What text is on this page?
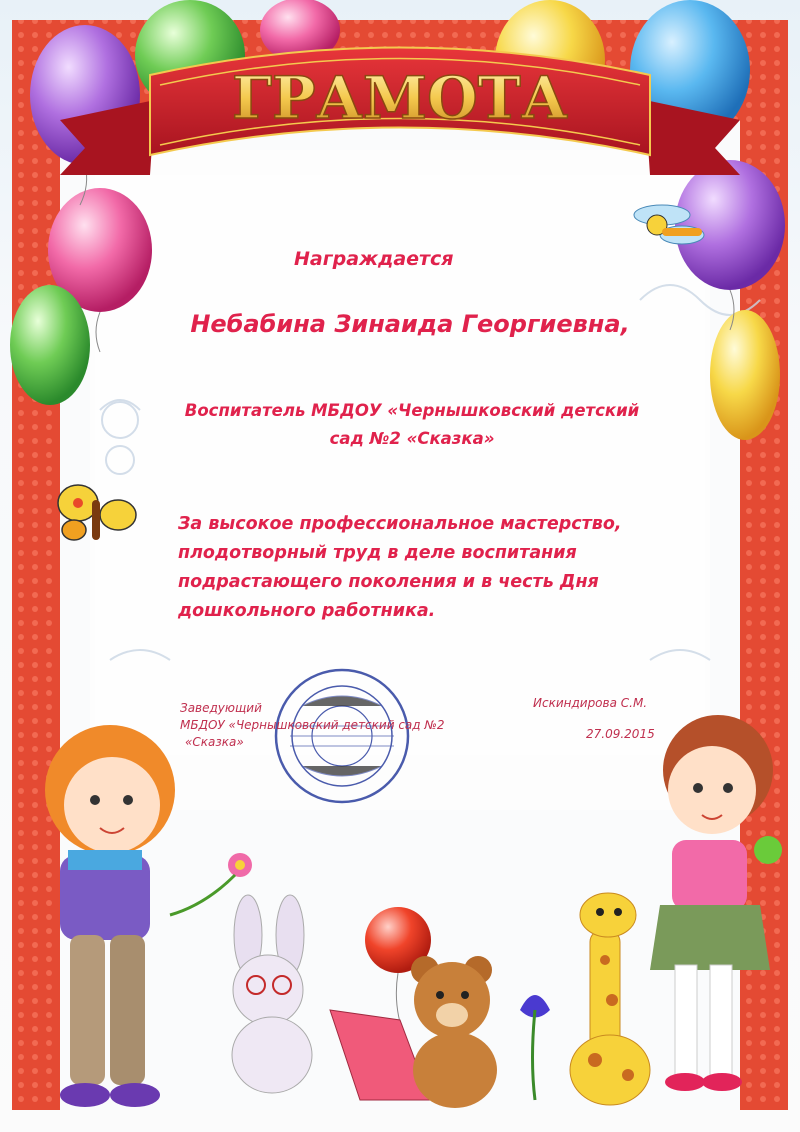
ГРАМОТА
Награждается
Небабина Зинаида Георгиевна,
Воспитатель МБДОУ «Чернышковский детский
сад №2 «Сказка»
За высокое профессиональное мастерство,
плодотворный труд в деле воспитания
подрастающего поколения и в честь Дня
дошкольного работника.
Заведующий
МБДОУ «Чернышковский детский сад №2
«Сказка»
Искиндирова С.М.
27.09.2015
